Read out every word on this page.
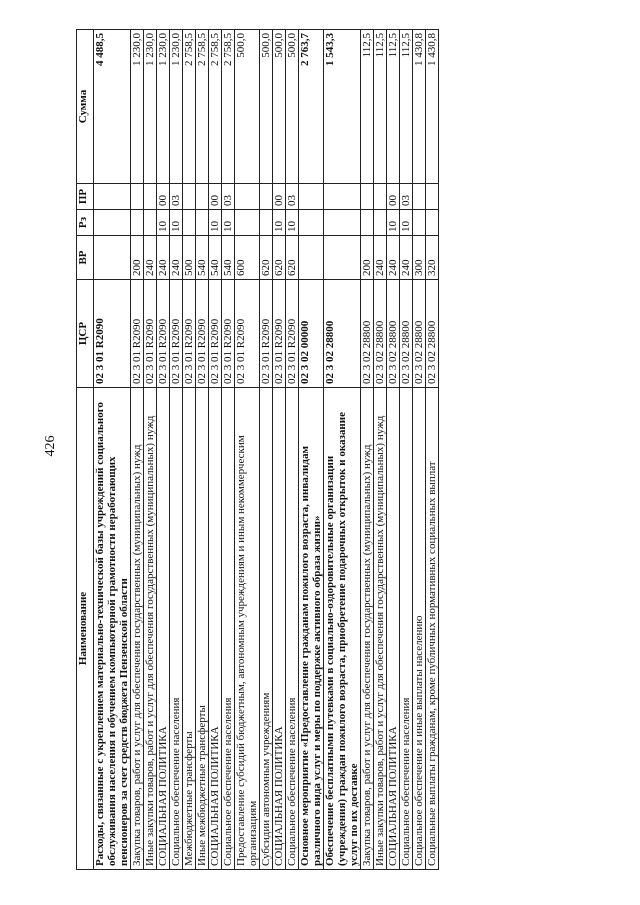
426
Наименование	ЦСР	ВР	Рз	ПР	Сумма
Расходы, связанные с укреплением материально-технической базы учреждений социального обслуживания населения и обучением компьютерной грамотности неработающих пенсионеров за счет средств бюджета Пензенской области	02 3 01 R2090				4 488,5
Закупка товаров, работ и услуг для обеспечения государственных (муниципальных) нужд	02 3 01 R2090	200			1 230,0
Иные закупки товаров, работ и услуг для обеспечения государственных (муниципальных) нужд	02 3 01 R2090	240			1 230,0
СОЦИАЛЬНАЯ ПОЛИТИКА	02 3 01 R2090	240	10	00	1 230,0
Социальное обеспечение населения	02 3 01 R2090	240	10	03	1 230,0
Межбюджетные трансферты	02 3 01 R2090	500			2 758,5
Иные межбюджетные трансферты	02 3 01 R2090	540			2 758,5
СОЦИАЛЬНАЯ ПОЛИТИКА	02 3 01 R2090	540	10	00	2 758,5
Социальное обеспечение населения	02 3 01 R2090	540	10	03	2 758,5
Предоставление субсидий бюджетным, автономным учреждениям и иным некоммерческим организациям	02 3 01 R2090	600			500,0
Субсидии автономным учреждениям	02 3 01 R2090	620			500,0
СОЦИАЛЬНАЯ ПОЛИТИКА	02 3 01 R2090	620	10	00	500,0
Социальное обеспечение населения	02 3 01 R2090	620	10	03	500,0
Основное мероприятие «Предоставление гражданам пожилого возраста, инвалидам различного вида услуг и меры по поддержке активного образа жизни»	02 3 02 00000				2 763,7
Обеспечение бесплатными путевками в социально-оздоровительные организации (учреждения) граждан пожилого возраста, приобретение подарочных открыток и оказание услуг по их доставке	02 3 02 28800				1 543,3
Закупка товаров, работ и услуг для обеспечения государственных (муниципальных) нужд	02 3 02 28800	200			112,5
Иные закупки товаров, работ и услуг для обеспечения государственных (муниципальных) нужд	02 3 02 28800	240			112,5
СОЦИАЛЬНАЯ ПОЛИТИКА	02 3 02 28800	240	10	00	112,5
Социальное обеспечение населения	02 3 02 28800	240	10	03	112,5
Социальное обеспечение и иные выплаты населению	02 3 02 28800	300			1 430,8
Социальные выплаты гражданам, кроме публичных нормативных социальных выплат	02 3 02 28800	320			1 430,8
